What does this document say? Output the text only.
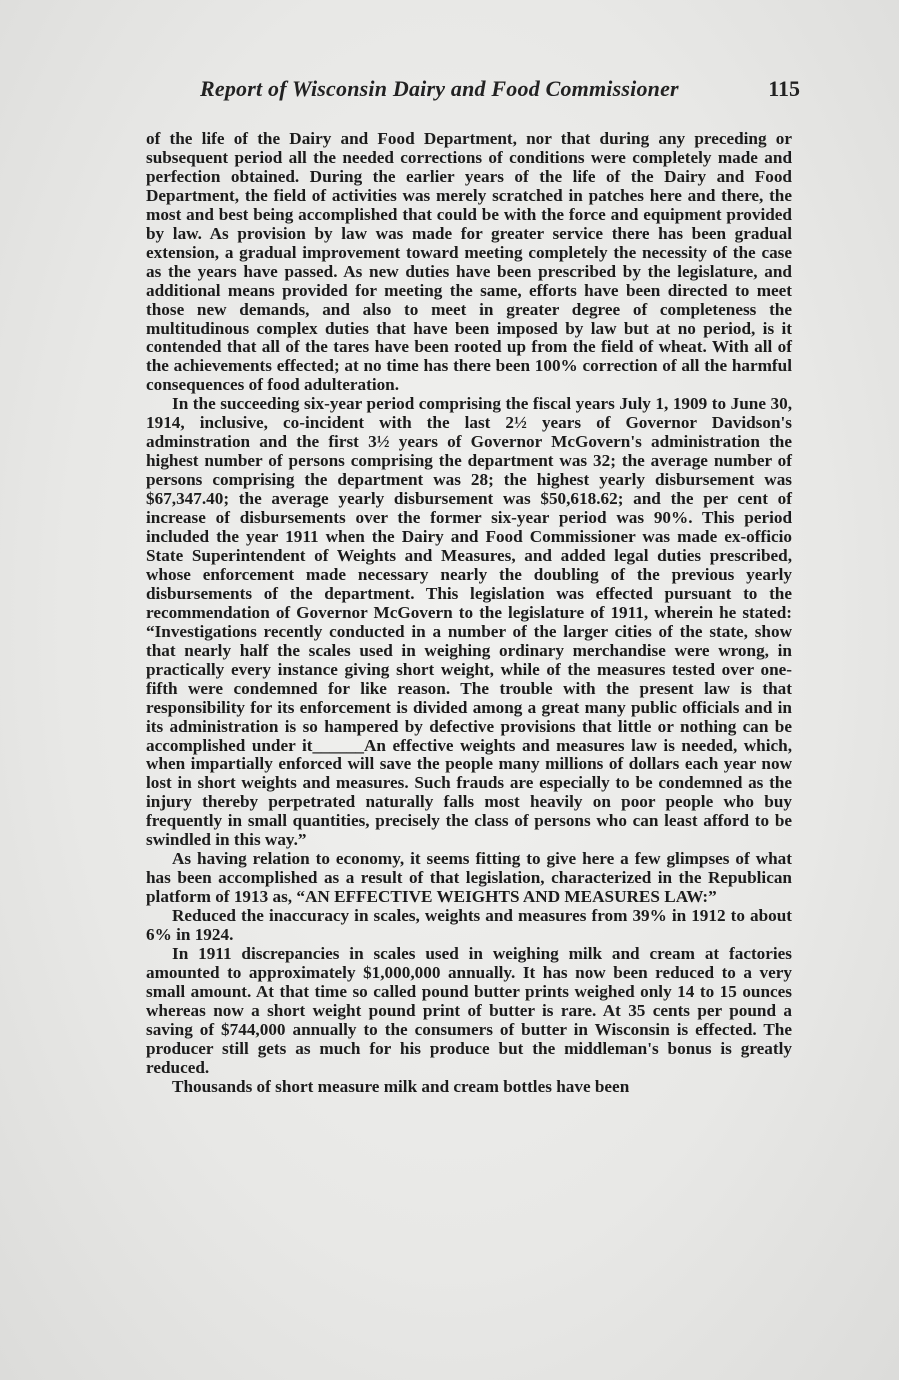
Report of Wisconsin Dairy and Food Commissioner	115

of the life of the Dairy and Food Department, nor that during any preceding or subsequent period all the needed corrections of conditions were completely made and perfection obtained. During the earlier years of the life of the Dairy and Food Department, the field of activities was merely scratched in patches here and there, the most and best being accomplished that could be with the force and equipment provided by law. As provision by law was made for greater service there has been gradual extension, a gradual improvement toward meeting completely the necessity of the case as the years have passed. As new duties have been prescribed by the legislature, and additional means provided for meeting the same, efforts have been directed to meet those new demands, and also to meet in greater degree of completeness the multitudinous complex duties that have been imposed by law but at no period, is it contended that all of the tares have been rooted up from the field of wheat. With all of the achievements effected; at no time has there been 100% correction of all the harmful consequences of food adulteration.

In the succeeding six-year period comprising the fiscal years July 1, 1909 to June 30, 1914, inclusive, co-incident with the last 2½ years of Governor Davidson's adminstration and the first 3½ years of Governor McGovern's administration the highest number of persons comprising the department was 32; the average number of persons comprising the department was 28; the highest yearly disbursement was $67,347.40; the average yearly disbursement was $50,618.62; and the per cent of increase of disbursements over the former six-year period was 90%. This period included the year 1911 when the Dairy and Food Commissioner was made ex-officio State Superintendent of Weights and Measures, and added legal duties prescribed, whose enforcement made necessary nearly the doubling of the previous yearly disbursements of the department. This legislation was effected pursuant to the recommendation of Governor McGovern to the legislature of 1911, wherein he stated: “Investigations recently conducted in a number of the larger cities of the state, show that nearly half the scales used in weighing ordinary merchandise were wrong, in practically every instance giving short weight, while of the measures tested over one-fifth were condemned for like reason. The trouble with the present law is that responsibility for its enforcement is divided among a great many public officials and in its administration is so hampered by defective provisions that little or nothing can be accomplished under it______An effective weights and measures law is needed, which, when impartially enforced will save the people many millions of dollars each year now lost in short weights and measures. Such frauds are especially to be condemned as the injury thereby perpetrated naturally falls most heavily on poor people who buy frequently in small quantities, precisely the class of persons who can least afford to be swindled in this way.”

As having relation to economy, it seems fitting to give here a few glimpses of what has been accomplished as a result of that legislation, characterized in the Republican platform of 1913 as, “AN EFFECTIVE WEIGHTS AND MEASURES LAW:”

Reduced the inaccuracy in scales, weights and measures from 39% in 1912 to about 6% in 1924.

In 1911 discrepancies in scales used in weighing milk and cream at factories amounted to approximately $1,000,000 annually. It has now been reduced to a very small amount. At that time so called pound butter prints weighed only 14 to 15 ounces whereas now a short weight pound print of butter is rare. At 35 cents per pound a saving of $744,000 annually to the consumers of butter in Wisconsin is effected. The producer still gets as much for his produce but the middleman's bonus is greatly reduced.

Thousands of short measure milk and cream bottles have been
